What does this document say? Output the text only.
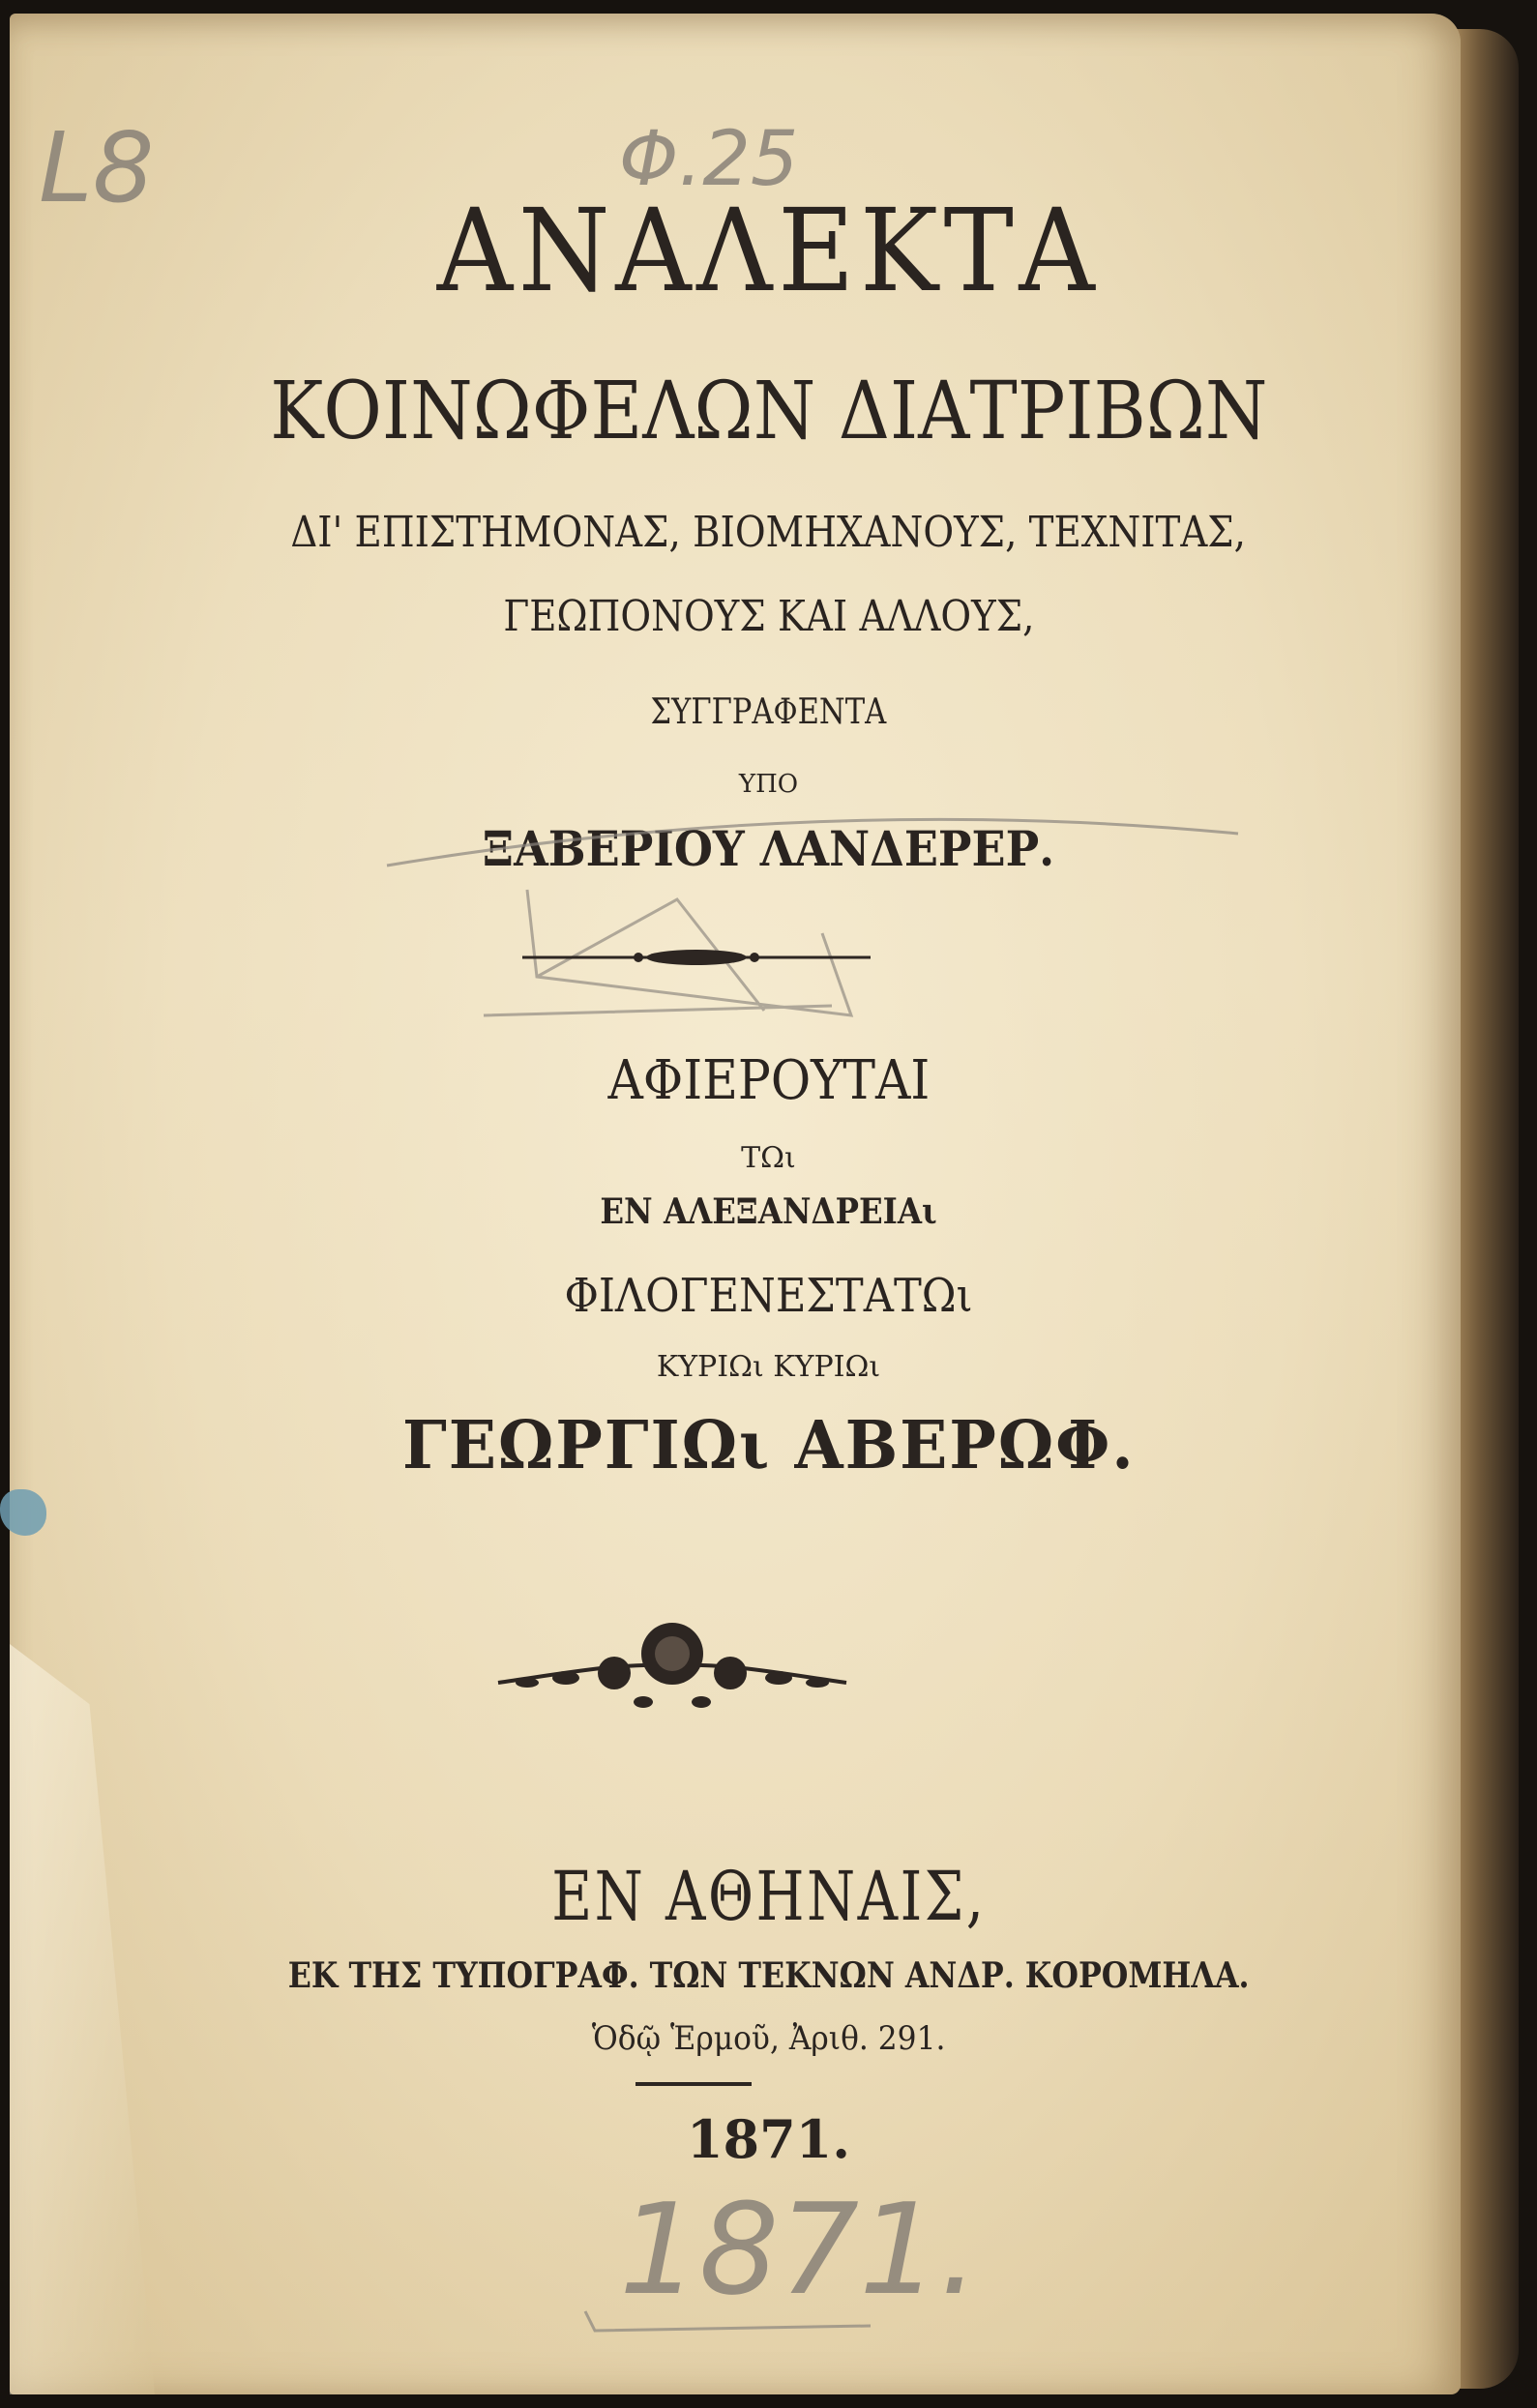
L8	Φ.25
ΑΝΑΛΕΚΤΑ
ΚΟΙΝΩΦΕΛΩΝ ΔΙΑΤΡΙΒΩΝ
ΔΙ' ΕΠΙΣΤΗΜΟΝΑΣ, ΒΙΟΜΗΧΑΝΟΥΣ, ΤΕΧΝΙΤΑΣ,
ΓΕΩΠΟΝΟΥΣ ΚΑΙ ΑΛΛΟΥΣ,
ΣΥΓΓΡΑΦΕΝΤΑ
ΥΠΟ
ΞΑΒΕΡΙΟΥ ΛΑΝΔΕΡΕΡ.
ΑΦΙΕΡΟΥΤΑΙ
ΤΩι
ΕΝ ΑΛΕΞΑΝΔΡΕΙΑι
ΦΙΛΟΓΕΝΕΣΤΑΤΩι
ΚΥΡΙΩι ΚΥΡΙΩι
ΓΕΩΡΓΙΩι ΑΒΕΡΩΦ.
ΕΝ ΑΘΗΝΑΙΣ,
ΕΚ ΤΗΣ ΤΥΠΟΓΡΑΦ. ΤΩΝ ΤΕΚΝΩΝ ΑΝΔΡ. ΚΟΡΟΜΗΛΑ.
Ὁδῷ Ἑρμοῦ, Ἀριθ. 291.
1871.
1871.
